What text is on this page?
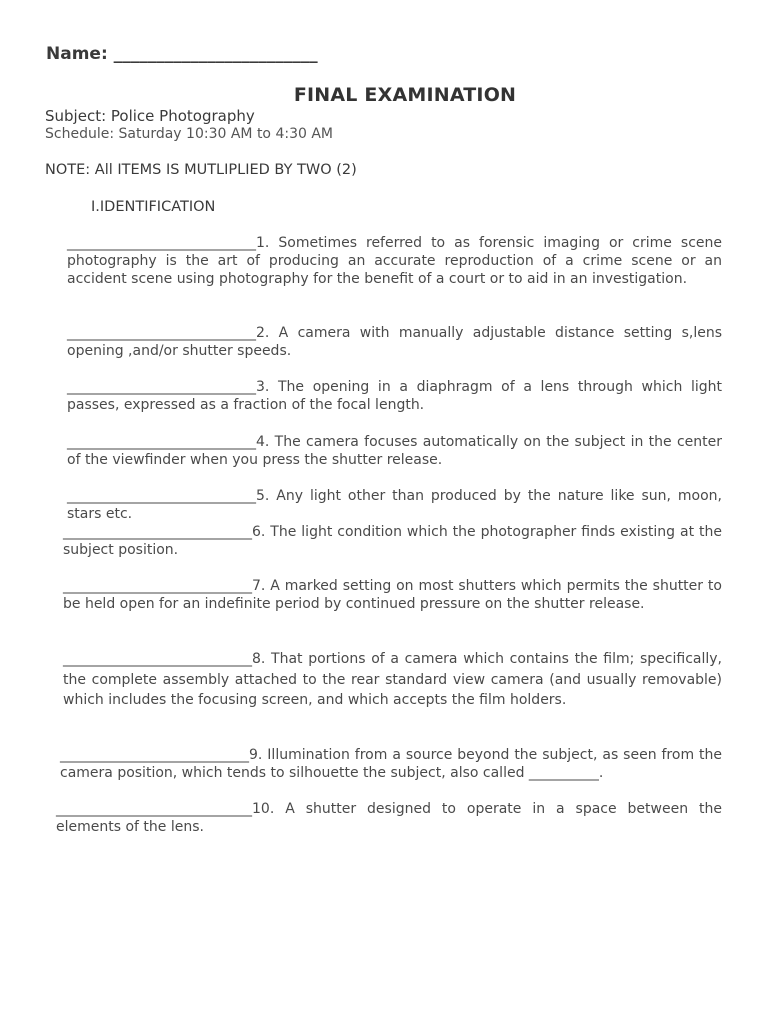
Name: ________________________
FINAL EXAMINATION
Subject: Police Photography
Schedule: Saturday 10:30 AM to 4:30 AM
NOTE: All ITEMS IS MUTLIPLIED BY TWO (2)
I.IDENTIFICATION
___________________________1. Sometimes referred to as forensic imaging or crime scene photography is the art of producing an accurate reproduction of a crime scene or an accident scene using photography for the benefit of a court or to aid in an investigation.
___________________________2. A camera with manually adjustable distance setting s,lens opening ,and/or shutter speeds.
___________________________3. The opening in a diaphragm of a lens through which light passes, expressed as a fraction of the focal length.
___________________________4. The camera focuses automatically on the subject in the center of the viewfinder when you press the shutter release.
___________________________5. Any light other than produced by the nature like sun, moon, stars etc.
___________________________6. The light condition which the photographer finds existing at the subject position.
___________________________7. A marked setting on most shutters which permits the shutter to be held open for an indefinite period by continued pressure on the shutter release.
___________________________8. That portions of a camera which contains the film; specifically, the complete assembly attached to the rear standard view camera (and usually removable) which includes the focusing screen, and which accepts the film holders.
___________________________9. Illumination from a source beyond the subject, as seen from the camera position, which tends to silhouette the subject, also called __________.
____________________________10. A shutter designed to operate in a space between the elements of the lens.
